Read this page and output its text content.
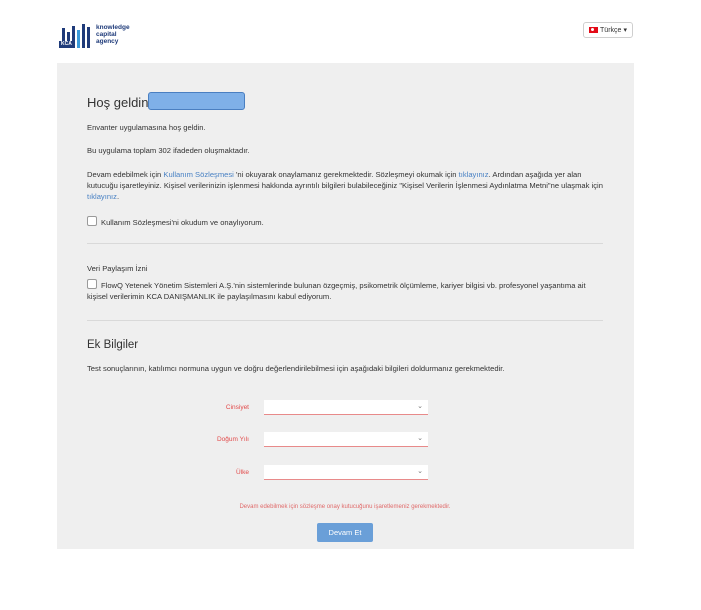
KCA
knowledge
capital
agency
Türkçe ▾
Hoş geldin
Envanter uygulamasına hoş geldin.
Bu uygulama toplam 302 ifadeden oluşmaktadır.
Devam edebilmek için Kullanım Sözleşmesi 'ni okuyarak onaylamanız gerekmektedir. Sözleşmeyi okumak için tıklayınız. Ardından aşağıda yer alan kutucuğu işaretleyiniz. Kişisel verilerinizin işlenmesi hakkında ayrıntılı bilgileri bulabileceğiniz "Kişisel Verilerin İşlenmesi Aydınlatma Metni"ne ulaşmak için tıklayınız.
Kullanım Sözleşmesi'ni okudum ve onaylıyorum.
Veri Paylaşım İzni
FlowQ Yetenek Yönetim Sistemleri A.Ş.'nin sistemlerinde bulunan özgeçmiş, psikometrik ölçümleme, kariyer bilgisi vb. profesyonel yaşantıma ait kişisel verilerimin KCA DANIŞMANLIK ile paylaşılmasını kabul ediyorum.
Ek Bilgiler
Test sonuçlarının, katılımcı normuna uygun ve doğru değerlendirilebilmesi için aşağıdaki bilgileri doldurmanız gerekmektedir.
Cinsiyet	⌄
Doğum Yılı	⌄
Ülke	⌄
Devam edebilmek için sözleşme onay kutucuğunu işaretlemeniz gerekmektedir.
Devam Et
